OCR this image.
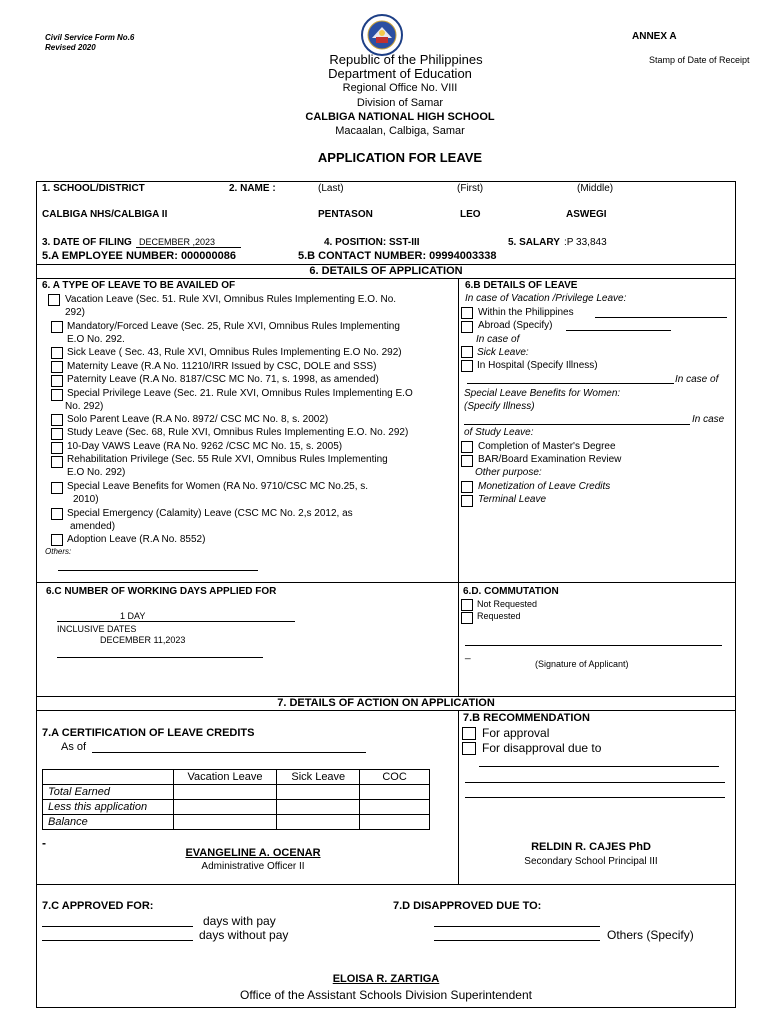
Civil Service Form No.6
Revised 2020
ANNEX A
Stamp of Date of Receipt
Republic of the Philippines
Department of Education
Regional Office No. VIII
Division of Samar
CALBIGA NATIONAL HIGH SCHOOL
Macaalan, Calbiga, Samar
APPLICATION FOR LEAVE
1. SCHOOL/DISTRICT	2. NAME :	(Last)	(First)	(Middle)
CALBIGA NHS/CALBIGA II	PENTASON	LEO	ASWEGI
3. DATE OF FILING DECEMBER ,2023	4. POSITION: SST-III	5. SALARY :P 33,843
5.A EMPLOYEE NUMBER: 000000086	5.B CONTACT NUMBER: 09994003338
6. DETAILS OF APPLICATION
6. A TYPE OF LEAVE TO BE AVAILED OF
Vacation Leave (Sec. 51. Rule XVI, Omnibus Rules Implementing E.O. No.
292)
Mandatory/Forced Leave (Sec. 25, Rule XVI, Omnibus Rules Implementing
E.O No. 292.
Sick Leave ( Sec. 43, Rule XVI, Omnibus Rules Implementing E.O No. 292)
Maternity Leave (R.A No. 11210/IRR Issued by CSC, DOLE and SSS)
Paternity Leave (R.A No. 8187/CSC MC No. 71, s. 1998, as amended)
Special Privilege Leave (Sec. 21. Rule XVI, Omnibus Rules Implementing E.O
No. 292)
Solo Parent Leave (R.A No. 8972/ CSC MC No. 8, s. 2002)
Study Leave (Sec. 68, Rule XVI, Omnibus Rules Implementing E.O. No. 292)
10-Day VAWS Leave (RA No. 9262 /CSC MC No. 15, s. 2005)
Rehabilitation Privilege (Sec. 55 Rule XVI, Omnibus Rules Implementing
E.O No. 292)
Special Leave Benefits for Women (RA No. 9710/CSC MC No.25, s.
2010)
Special Emergency (Calamity) Leave (CSC MC No. 2,s 2012, as
amended)
Adoption Leave (R.A No. 8552)
Others:
6.B DETAILS OF LEAVE
In case of Vacation /Privilege Leave:
Within the Philippines
Abroad (Specify)
In case of
Sick Leave:
In Hospital (Specify Illness)
In case of
Special Leave Benefits for Women:
(Specify Illness)
In case
of Study Leave:
Completion of Master's Degree
BAR/Board Examination Review
Other purpose:
Monetization of Leave Credits
Terminal Leave
6.C NUMBER OF WORKING DAYS APPLIED FOR
1 DAY
INCLUSIVE DATES
DECEMBER 11,2023
6.D. COMMUTATION
Not Requested
Requested
_
(Signature of Applicant)
7. DETAILS OF ACTION ON APPLICATION
7.A CERTIFICATION OF LEAVE CREDITS
As of
	Vacation Leave	Sick Leave	COC
Total Earned			
Less this application			
Balance			
-
EVANGELINE A. OCENAR
Administrative Officer II
7.B RECOMMENDATION
For approval
For disapproval due to
RELDIN R. CAJES PhD
Secondary School Principal III
7.C APPROVED FOR:
days with pay
days without pay
7.D DISAPPROVED DUE TO:
Others (Specify)
ELOISA R. ZARTIGA
Office of the Assistant Schools Division Superintendent
